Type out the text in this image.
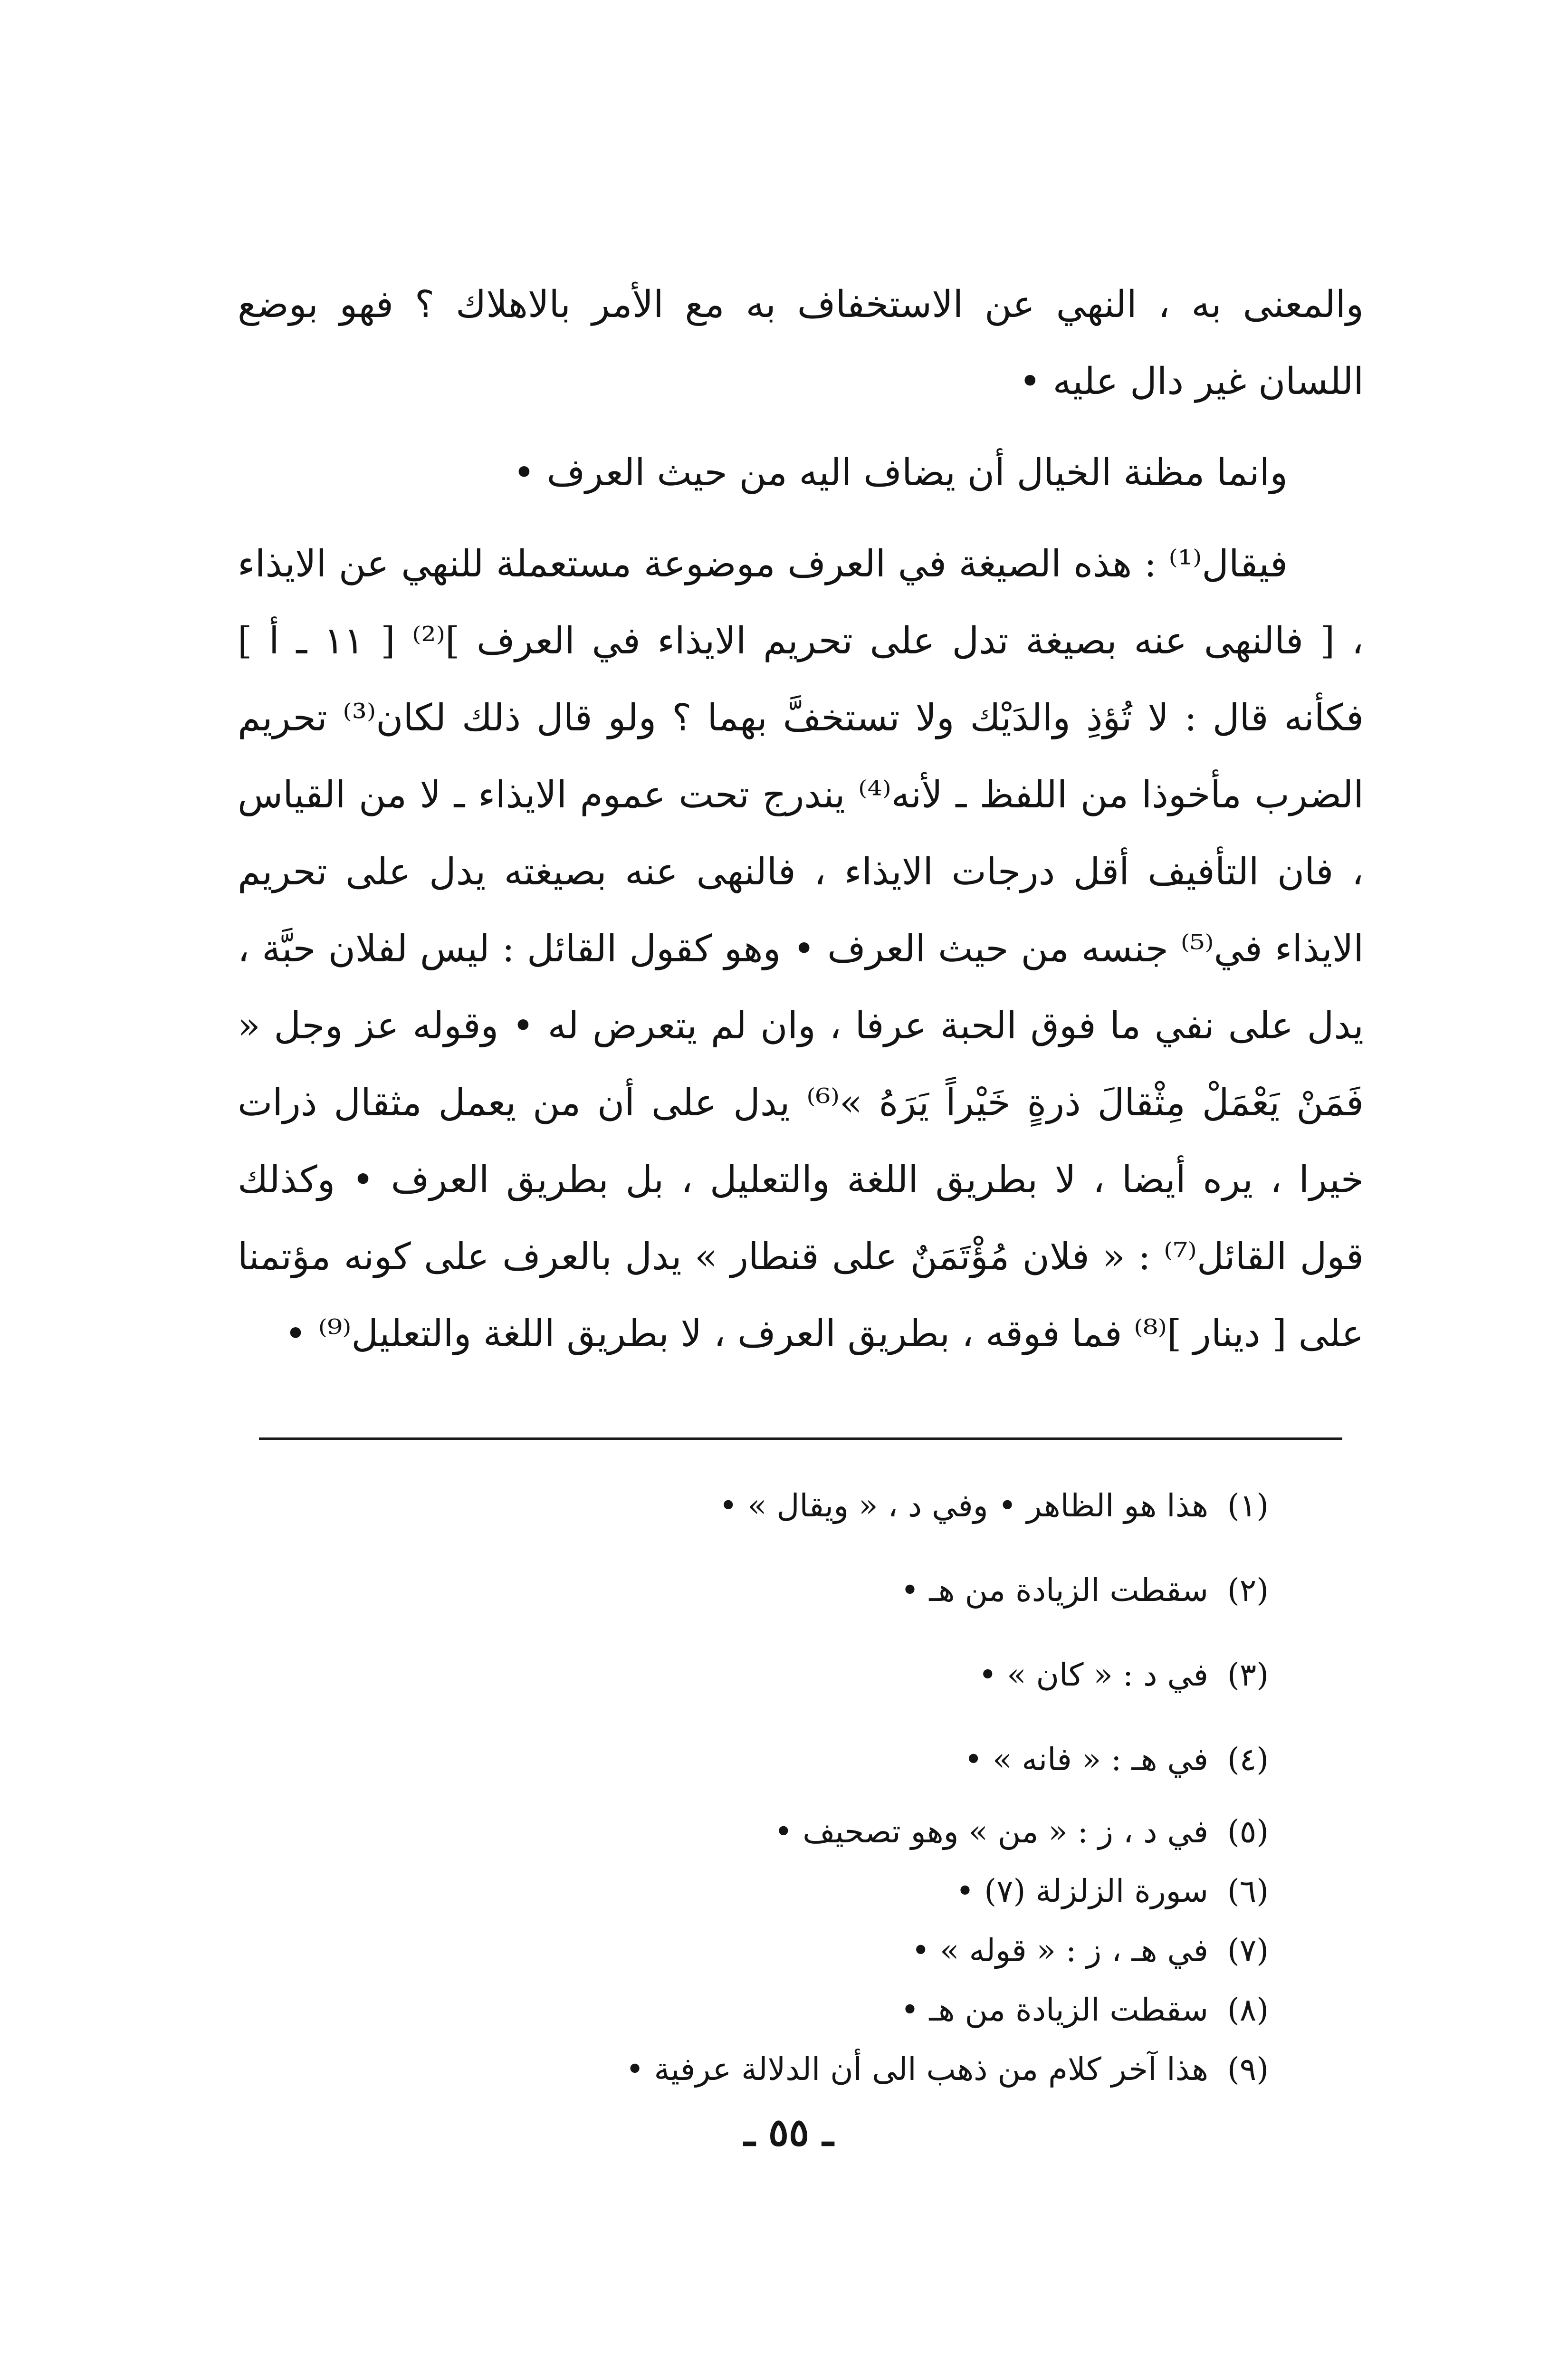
والمعنى به ، النهي عن الاستخفاف به مع الأمر بالاهلاك ؟ فهو بوضع اللسان غير دال عليه •

وانما مظنة الخيال أن يضاف اليه من حيث العرف •

فيقال⁽¹⁾ : هذه الصيغة في العرف موضوعة مستعملة للنهي عن الايذاء ، [ فالنهى عنه بصيغة تدل على تحريم الايذاء في العرف ]⁽²⁾ [ ١١ ـ أ ] فكأنه قال : لا تُؤذِ والدَيْك ولا تستخفَّ بهما ؟ ولو قال ذلك لكان⁽³⁾ تحريم الضرب مأخوذا من اللفظ ـ لأنه⁽⁴⁾ يندرج تحت عموم الايذاء ـ لا من القياس ، فان التأفيف أقل درجات الايذاء ، فالنهى عنه بصيغته يدل على تحريم الايذاء في⁽⁵⁾ جنسه من حيث العرف • وهو كقول القائل : ليس لفلان حبَّة ، يدل على نفي ما فوق الحبة عرفا ، وان لم يتعرض له • وقوله عز وجل « فَمَنْ يَعْمَلْ مِثْقالَ ذرةٍ خَيْراً يَرَهُ »⁽⁶⁾ يدل على أن من يعمل مثقال ذرات خيرا ، يره أيضا ، لا بطريق اللغة والتعليل ، بل بطريق العرف • وكذلك قول القائل⁽⁷⁾ : « فلان مُؤْتَمَنٌ على قنطار » يدل بالعرف على كونه مؤتمنا على [ دينار ]⁽⁸⁾ فما فوقه ، بطريق العرف ، لا بطريق اللغة والتعليل⁽⁹⁾ •

(١)هذا هو الظاهر • وفي د ، « ويقال » •
(٢)سقطت الزيادة من هـ •
(٣)في د : « كان » •
(٤)في هـ : « فانه » •
(٥)في د ، ز : « من » وهو تصحيف •
(٦)سورة الزلزلة (٧) •
(٧)في هـ ، ز : « قوله » •
(٨)سقطت الزيادة من هـ •
(٩)هذا آخر كلام من ذهب الى أن الدلالة عرفية •
ـ ٥٥ ـ
